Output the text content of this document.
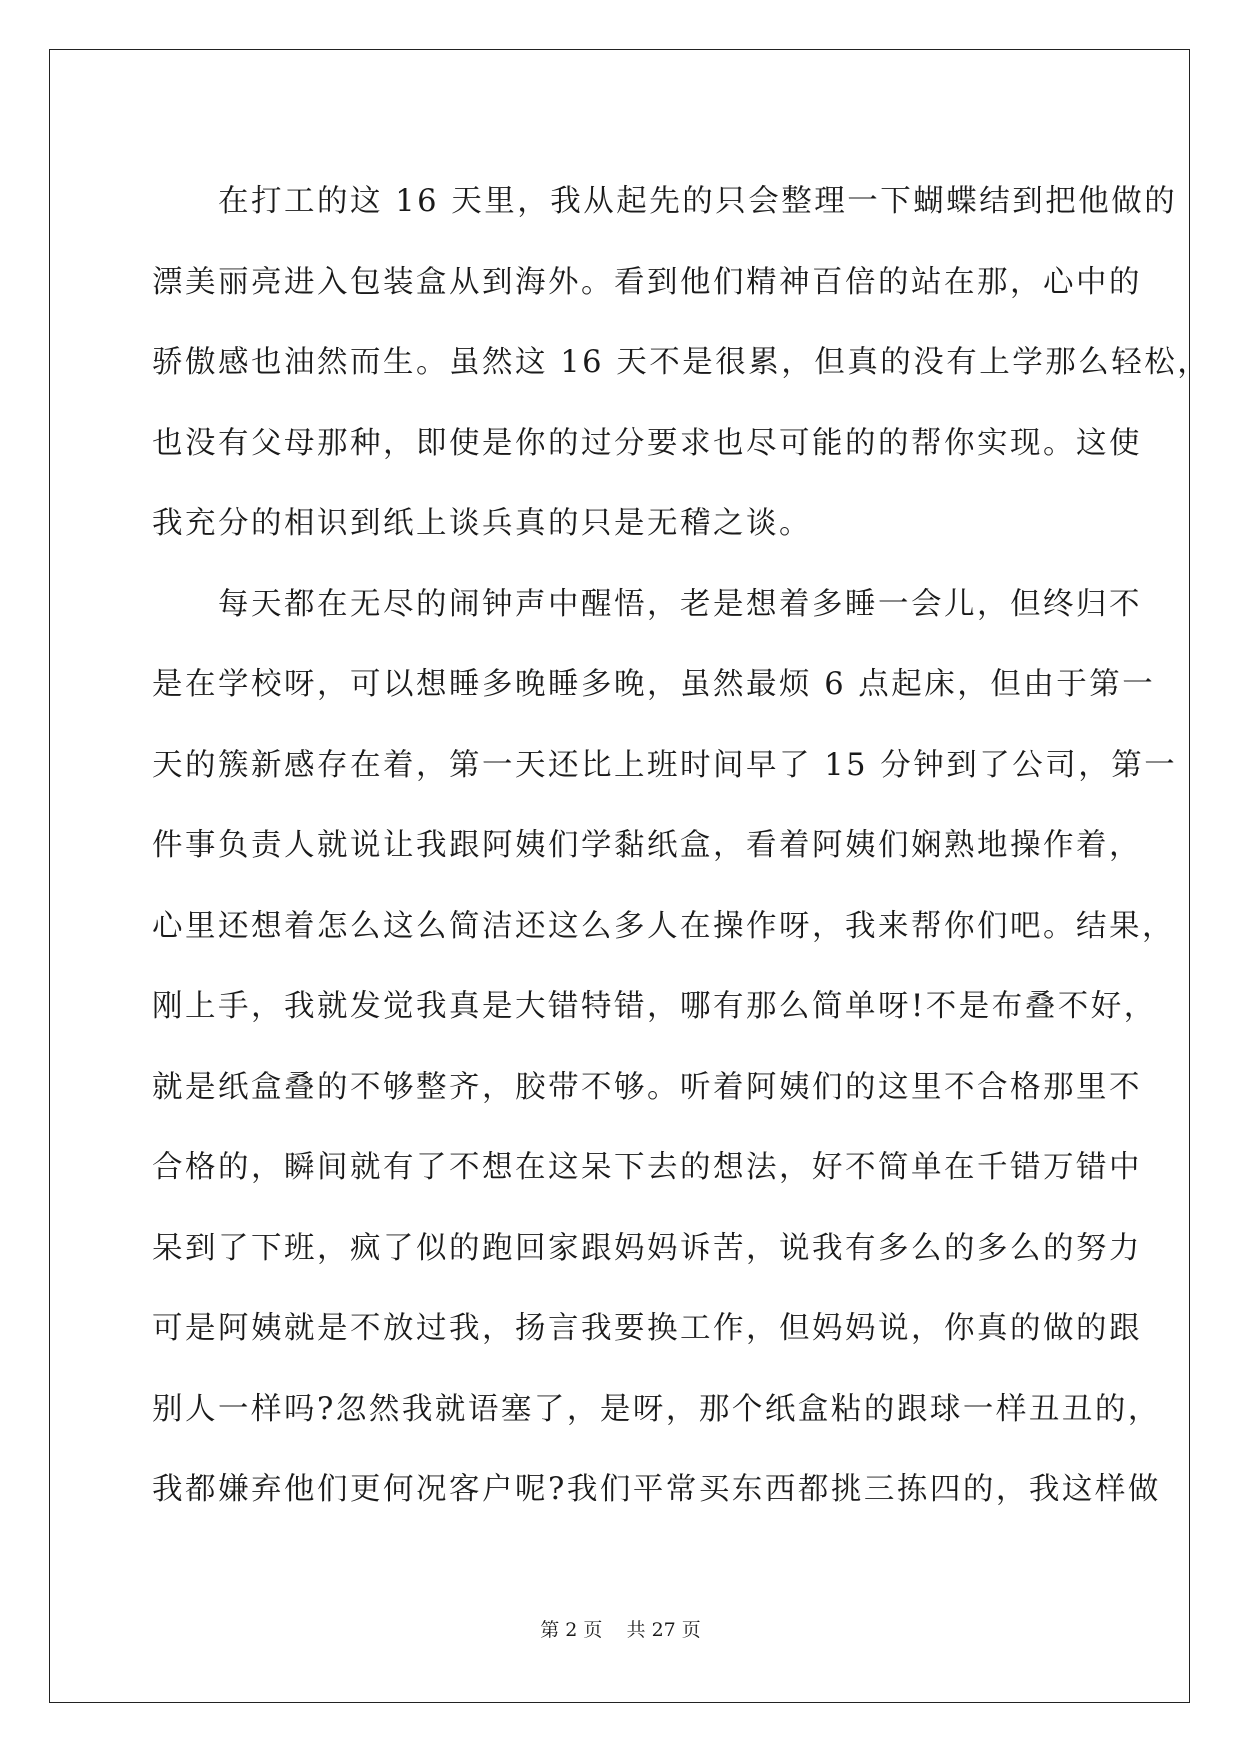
　　在打工的这 16 天里，我从起先的只会整理一下蝴蝶结到把他做的
漂美丽亮进入包装盒从到海外。看到他们精神百倍的站在那，心中的
骄傲感也油然而生。虽然这 16 天不是很累，但真的没有上学那么轻松，
也没有父母那种，即使是你的过分要求也尽可能的的帮你实现。这使
我充分的相识到纸上谈兵真的只是无稽之谈。
　　每天都在无尽的闹钟声中醒悟，老是想着多睡一会儿，但终归不
是在学校呀，可以想睡多晚睡多晚，虽然最烦 6 点起床，但由于第一
天的簇新感存在着，第一天还比上班时间早了 15 分钟到了公司，第一
件事负责人就说让我跟阿姨们学黏纸盒，看着阿姨们娴熟地操作着，
心里还想着怎么这么简洁还这么多人在操作呀，我来帮你们吧。结果，
刚上手，我就发觉我真是大错特错，哪有那么简单呀!不是布叠不好，
就是纸盒叠的不够整齐，胶带不够。听着阿姨们的这里不合格那里不
合格的，瞬间就有了不想在这呆下去的想法，好不简单在千错万错中
呆到了下班，疯了似的跑回家跟妈妈诉苦，说我有多么的多么的努力
可是阿姨就是不放过我，扬言我要换工作，但妈妈说，你真的做的跟
别人一样吗?忽然我就语塞了，是呀，那个纸盒粘的跟球一样丑丑的，
我都嫌弃他们更何况客户呢?我们平常买东西都挑三拣四的，我这样做
第 2 页 共 27 页
